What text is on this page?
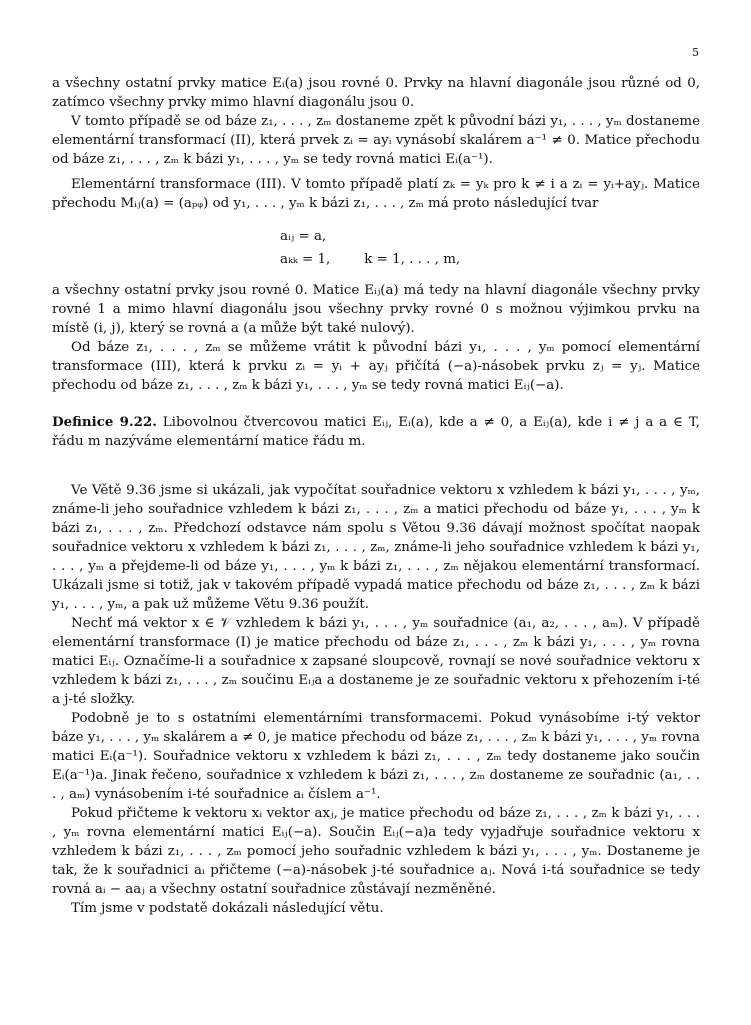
5

a všechny ostatní prvky matice Eᵢ(a) jsou rovné 0. Prvky na hlavní diagonále jsou různé od 0, zatímco všechny prvky mimo hlavní diagonálu jsou 0.

V tomto případě se od báze z₁, . . . , zₘ dostaneme zpět k původní bázi y₁, . . . , yₘ dostaneme elementární transformací (II), která prvek zᵢ = ayᵢ vynásobí skalárem a⁻¹ ≠ 0. Matice přechodu od báze z₁, . . . , zₘ k bázi y₁, . . . , yₘ se tedy rovná matici Eᵢ(a⁻¹).

Elementární transformace (III). V tomto případě platí zₖ = yₖ pro k ≠ i a zᵢ = yᵢ+ayⱼ. Matice přechodu Mᵢⱼ(a) = (aₚᵩ) od y₁, . . . , yₘ k bázi z₁, . . . , zₘ má proto následující tvar

aᵢⱼ = a,
aₖₖ = 1,	k = 1, . . . , m,

a všechny ostatní prvky jsou rovné 0. Matice Eᵢⱼ(a) má tedy na hlavní diagonále všechny prvky rovné 1 a mimo hlavní diagonálu jsou všechny prvky rovné 0 s možnou výjimkou prvku na místě (i, j), který se rovná a (a může být také nulový).

Od báze z₁, . . . , zₘ se můžeme vrátit k původní bázi y₁, . . . , yₘ pomocí elementární transformace (III), která k prvku zᵢ = yᵢ + ayⱼ přičítá (−a)-násobek prvku zⱼ = yⱼ. Matice přechodu od báze z₁, . . . , zₘ k bázi y₁, . . . , yₘ se tedy rovná matici Eᵢⱼ(−a).

Definice 9.22. Libovolnou čtvercovou matici Eᵢⱼ, Eᵢ(a), kde a ≠ 0, a Eᵢⱼ(a), kde i ≠ j a a ∈ T, řádu m nazýváme elementární matice řádu m.

Ve Větě 9.36 jsme si ukázali, jak vypočítat souřadnice vektoru x vzhledem k bázi y₁, . . . , yₘ, známe-li jeho souřadnice vzhledem k bázi z₁, . . . , zₘ a matici přechodu od báze y₁, . . . , yₘ k bázi z₁, . . . , zₘ. Předchozí odstavce nám spolu s Větou 9.36 dávají možnost spočítat naopak souřadnice vektoru x vzhledem k bázi z₁, . . . , zₘ, známe-li jeho souřadnice vzhledem k bázi y₁, . . . , yₘ a přejdeme-li od báze y₁, . . . , yₘ k bázi z₁, . . . , zₘ nějakou elementární transformací. Ukázali jsme si totiž, jak v takovém případě vypadá matice přechodu od báze z₁, . . . , zₘ k bázi y₁, . . . , yₘ, a pak už můžeme Větu 9.36 použít.

Nechť má vektor x ∈ 𝒱 vzhledem k bázi y₁, . . . , yₘ souřadnice (a₁, a₂, . . . , aₘ). V případě elementární transformace (I) je matice přechodu od báze z₁, . . . , zₘ k bázi y₁, . . . , yₘ rovna matici Eᵢⱼ. Označíme-li a souřadnice x zapsané sloupcově, rovnají se nové souřadnice vektoru x vzhledem k bázi z₁, . . . , zₘ součinu Eᵢⱼa a dostaneme je ze souřadnic vektoru x přehozením i-té a j-té složky.

Podobně je to s ostatními elementárními transformacemi. Pokud vynásobíme i-tý vektor báze y₁, . . . , yₘ skalárem a ≠ 0, je matice přechodu od báze z₁, . . . , zₘ k bázi y₁, . . . , yₘ rovna matici Eᵢ(a⁻¹). Souřadnice vektoru x vzhledem k bázi z₁, . . . , zₘ tedy dostaneme jako součin Eᵢ(a⁻¹)a. Jinak řečeno, souřadnice x vzhledem k bázi z₁, . . . , zₘ dostaneme ze souřadnic (a₁, . . . , aₘ) vynásobením i-té souřadnice aᵢ číslem a⁻¹.

Pokud přičteme k vektoru xᵢ vektor axⱼ, je matice přechodu od báze z₁, . . . , zₘ k bázi y₁, . . . , yₘ rovna elementární matici Eᵢⱼ(−a). Součin Eᵢⱼ(−a)a tedy vyjadřuje souřadnice vektoru x vzhledem k bázi z₁, . . . , zₘ pomocí jeho souřadnic vzhledem k bázi y₁, . . . , yₘ. Dostaneme je tak, že k souřadnici aᵢ přičteme (−a)-násobek j-té souřadnice aⱼ. Nová i-tá souřadnice se tedy rovná aᵢ − aaⱼ a všechny ostatní souřadnice zůstávají nezměněné.

Tím jsme v podstatě dokázali následující větu.
